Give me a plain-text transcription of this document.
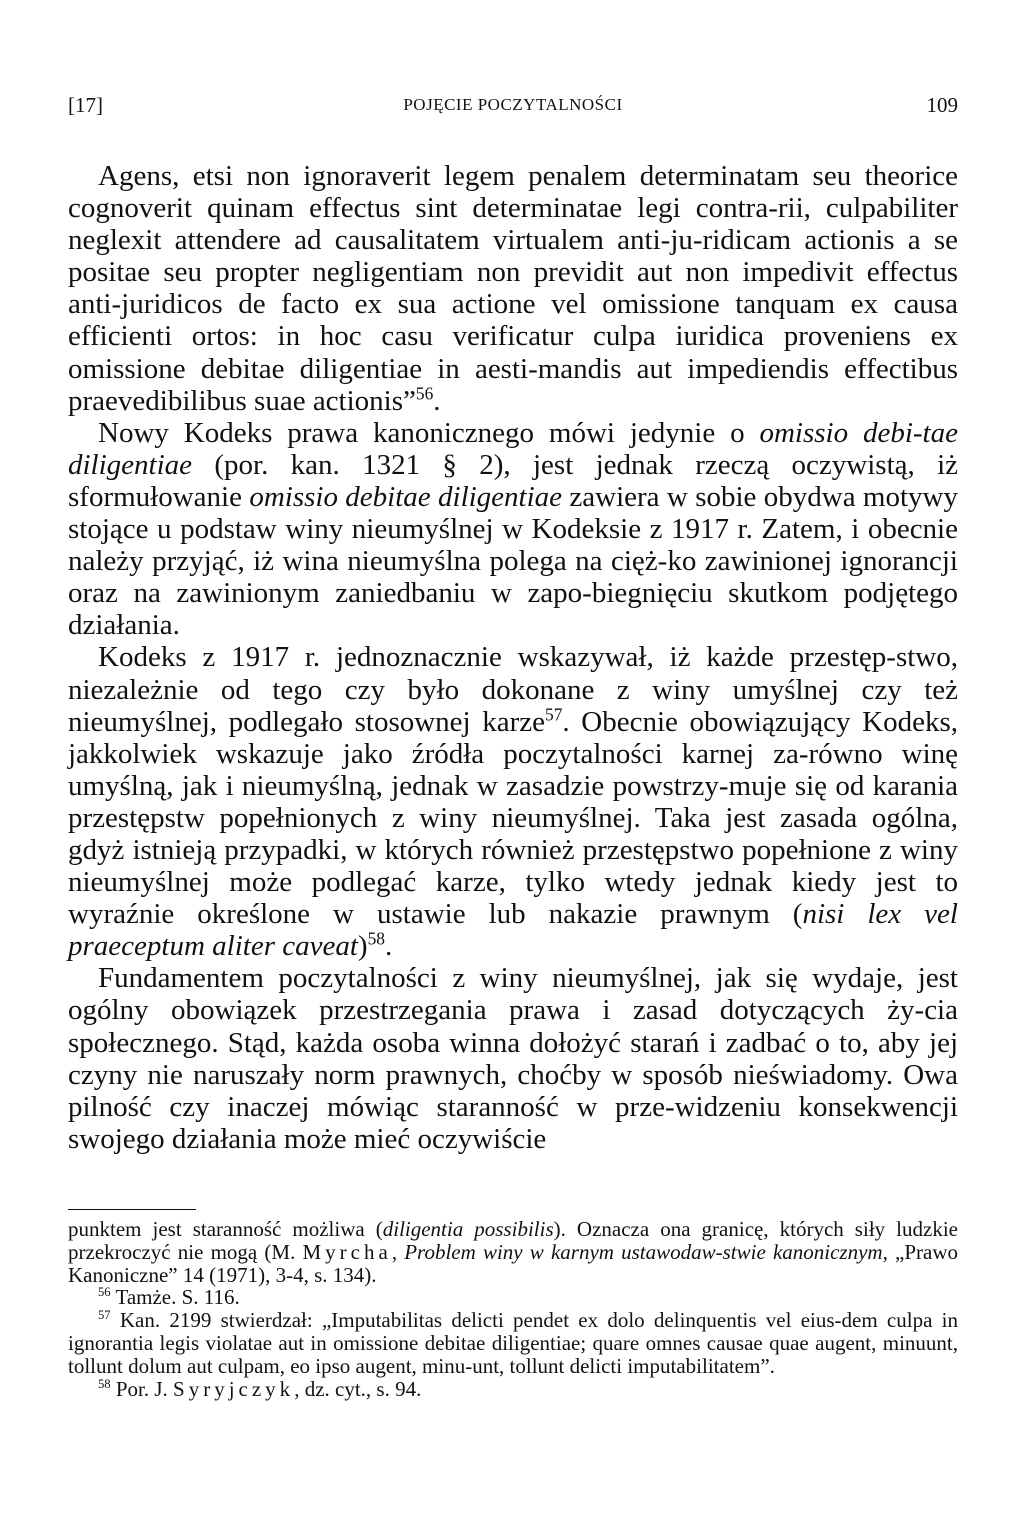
[17]	POJĘCIE POCZYTALNOŚCI	109

Agens, etsi non ignoraverit legem penalem determinatam seu theorice cognoverit quinam effectus sint determinatae legi contra-rii, culpabiliter neglexit attendere ad causalitatem virtualem anti-ju-ridicam actionis a se positae seu propter negligentiam non previdit aut non impedivit effectus anti-juridicos de facto ex sua actione vel omissione tanquam ex causa efficienti ortos: in hoc casu verificatur culpa iuridica proveniens ex omissione debitae diligentiae in aesti-mandis aut impediendis effectibus praevedibilibus suae actionis”$^{56}$.

Nowy Kodeks prawa kanonicznego mówi jedynie o omissio debi-tae diligentiae (por. kan. 1321 § 2), jest jednak rzeczą oczywistą, iż sformułowanie omissio debitae diligentiae zawiera w sobie obydwa motywy stojące u podstaw winy nieumyślnej w Kodeksie z 1917 r. Zatem, i obecnie należy przyjąć, iż wina nieumyślna polega na cięż-ko zawinionej ignorancji oraz na zawinionym zaniedbaniu w zapo-biegnięciu skutkom podjętego działania.

Kodeks z 1917 r. jednoznacznie wskazywał, iż każde przestęp-stwo, niezależnie od tego czy było dokonane z winy umyślnej czy też nieumyślnej, podlegało stosownej karze$^{57}$. Obecnie obowiązujący Kodeks, jakkolwiek wskazuje jako źródła poczytalności karnej za-równo winę umyślną, jak i nieumyślną, jednak w zasadzie powstrzy-muje się od karania przestępstw popełnionych z winy nieumyślnej. Taka jest zasada ogólna, gdyż istnieją przypadki, w których również przestępstwo popełnione z winy nieumyślnej może podlegać karze, tylko wtedy jednak kiedy jest to wyraźnie określone w ustawie lub nakazie prawnym (nisi lex vel praeceptum aliter caveat)$^{58}$.

Fundamentem poczytalności z winy nieumyślnej, jak się wydaje, jest ogólny obowiązek przestrzegania prawa i zasad dotyczących ży-cia społecznego. Stąd, każda osoba winna dołożyć starań i zadbać o to, aby jej czyny nie naruszały norm prawnych, choćby w sposób nieświadomy. Owa pilność czy inaczej mówiąc staranność w prze-widzeniu konsekwencji swojego działania może mieć oczywiście

punktem jest staranność możliwa (diligentia possibilis). Oznacza ona granicę, których siły ludzkie przekroczyć nie mogą (M. Myrcha, Problem winy w karnym ustawodaw-stwie kanonicznym, „Prawo Kanoniczne” 14 (1971), 3-4, s. 134).

$^{56}$ Tamże. S. 116.

$^{57}$ Kan. 2199 stwierdzał: „Imputabilitas delicti pendet ex dolo delinquentis vel eius-dem culpa in ignorantia legis violatae aut in omissione debitae diligentiae; quare omnes causae quae augent, minuunt, tollunt dolum aut culpam, eo ipso augent, minu-unt, tollunt delicti imputabilitatem”.

$^{58}$ Por. J. Syryjczyk, dz. cyt., s. 94.
